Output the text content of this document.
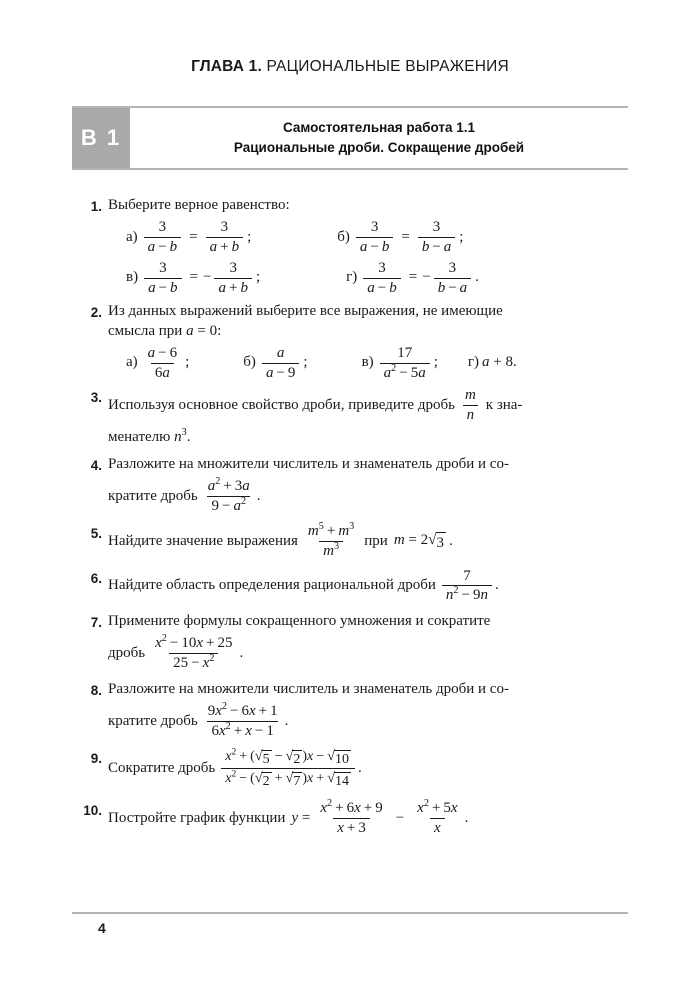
ГЛАВА 1. РАЦИОНАЛЬНЫЕ ВЫРАЖЕНИЯ
В 1	Самостоятельная работа 1.1
Рациональные дроби. Сокращение дробей
1. Выберите верное равенство:
$а) \frac{3}{a - b} = \frac{3}{a + b}$ ;	$б) \frac{3}{a - b} = \frac{3}{b - a}$ ;
$в) \frac{3}{a - b}$ = − $\frac{3}{a + b}$ ;	$г) \frac{3}{a - b}$ = − $\frac{3}{b - a}$ .
2. Из данных выражений выберите все выражения, не имеющие
смысла при a = 0:
$а) \frac{a - 6}{6a}$ ;	$б) \frac{a}{a - 9}$ ;	$в) \frac{17}{a^2 - 5a}$ ; г) a + 8.
3. Используя основное свойство дроби, приведите дробь $\frac{m}{n}$ к зна-
менателю $n^3$.
4. Разложите на множители числитель и знаменатель дроби и со-
кратите дробь $\frac{a^2 + 3a}{9 - a^2}$ .
5. Найдите значение выражения $\frac{m^5 + m^3}{m^3}$ при m = 2 √ 3 .
6. Найдите область определения рациональной дроби $\frac{7}{n^2 - 9n}$ .
7. Примените формулы сокращенного умножения и сократите
дробь $\frac{x^2 - 10x + 25}{25 - x^2}$ .
8. Разложите на множители числитель и знаменатель дроби и со-
кратите дробь $\frac{9x^2 - 6x + 1}{6x^2 + x - 1}$ .
9.
Сократите дробь $\frac{x^2 + ( √ 5 - √ 2 )x - √ 10}{x^2 - ( √ 2 + √ 7 )x + √ 14}$ .
10. Постройте график функции $y = \frac{x^2 + 6x + 9}{x + 3} - \frac{x^2 + 5x}{x}$ .
4
